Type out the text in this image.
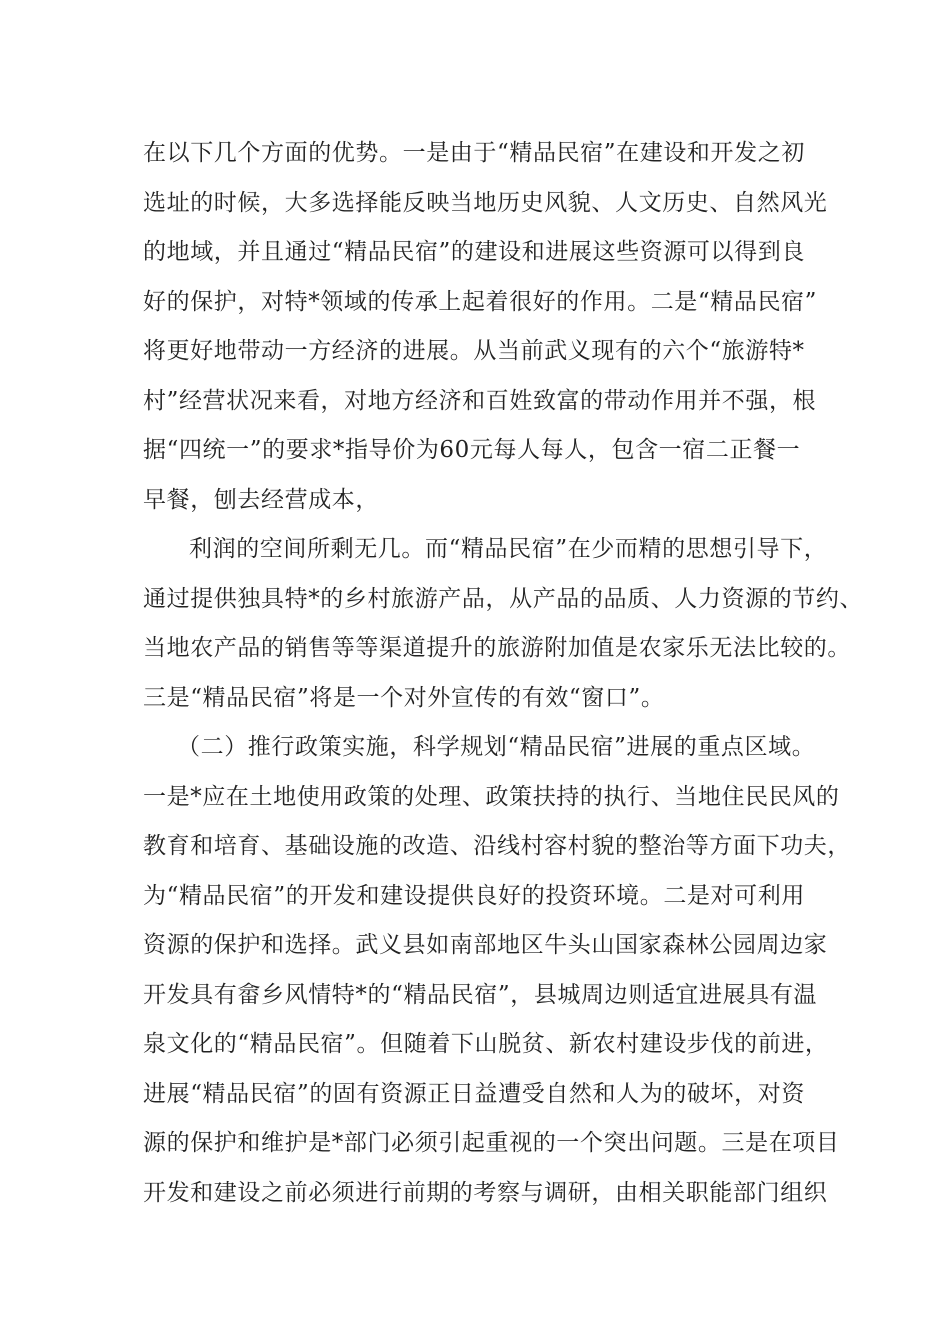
在以下几个方面的优势。一是由于“精品民宿”在建设和开发之初
选址的时候，大多选择能反映当地历史风貌、人文历史、自然风光
的地域，并且通过“精品民宿”的建设和进展这些资源可以得到良
好的保护，对特*领域的传承上起着很好的作用。二是“精品民宿”
将更好地带动一方经济的进展。从当前武义现有的六个“旅游特*
村”经营状况来看，对地方经济和百姓致富的带动作用并不强，根
据“四统一”的要求*指导价为60元每人每人，包含一宿二正餐一
早餐，刨去经营成本，
利润的空间所剩无几。而“精品民宿”在少而精的思想引导下，
通过提供独具特*的乡村旅游产品，从产品的品质、人力资源的节约、
当地农产品的销售等等渠道提升的旅游附加值是农家乐无法比较的。
三是“精品民宿”将是一个对外宣传的有效“窗口”。
（二）推行政策实施，科学规划“精品民宿”进展的重点区域。
一是*应在土地使用政策的处理、政策扶持的执行、当地住民民风的
教育和培育、基础设施的改造、沿线村容村貌的整治等方面下功夫，
为“精品民宿”的开发和建设提供良好的投资环境。二是对可利用
资源的保护和选择。武义县如南部地区牛头山国家森林公园周边家
开发具有畲乡风情特*的“精品民宿”，县城周边则适宜进展具有温
泉文化的“精品民宿”。但随着下山脱贫、新农村建设步伐的前进，
进展“精品民宿”的固有资源正日益遭受自然和人为的破坏，对资
源的保护和维护是*部门必须引起重视的一个突出问题。三是在项目
开发和建设之前必须进行前期的考察与调研，由相关职能部门组织
